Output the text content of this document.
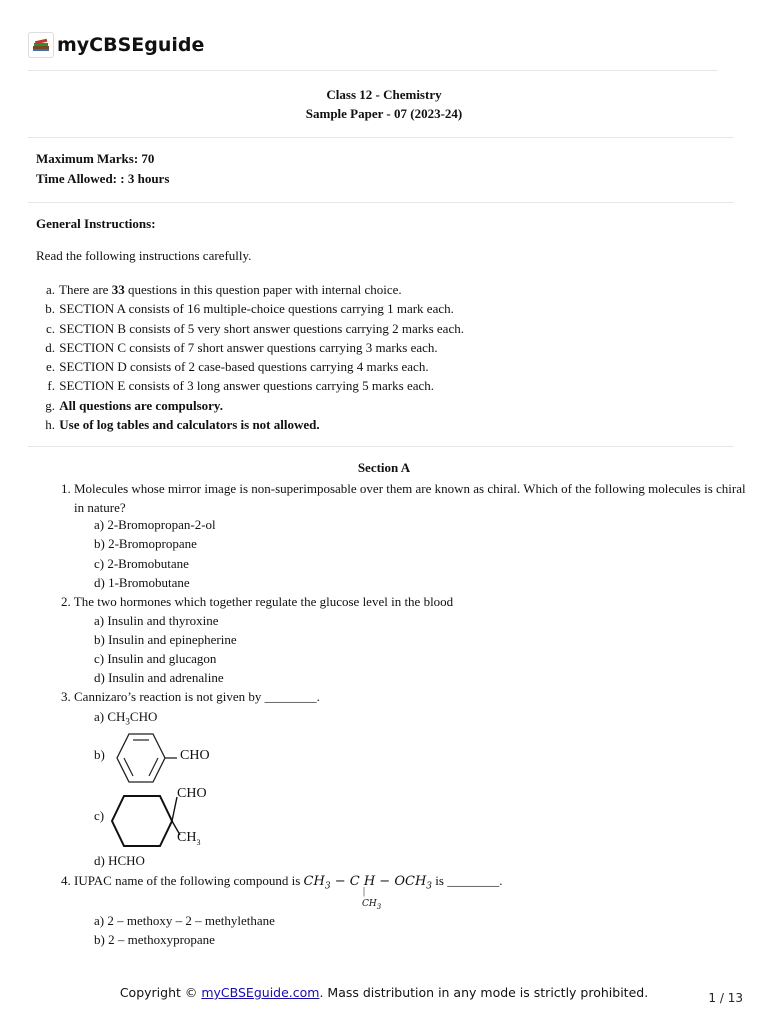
myCBSEguide
Class 12 - Chemistry
Sample Paper - 07 (2023-24)
Maximum Marks: 70
Time Allowed: : 3 hours
General Instructions:
Read the following instructions carefully.
a. There are 33 questions in this question paper with internal choice.
b. SECTION A consists of 16 multiple-choice questions carrying 1 mark each.
c. SECTION B consists of 5 very short answer questions carrying 2 marks each.
d. SECTION C consists of 7 short answer questions carrying 3 marks each.
e. SECTION D consists of 2 case-based questions carrying 4 marks each.
f. SECTION E consists of 3 long answer questions carrying 5 marks each.
g. All questions are compulsory.
h. Use of log tables and calculators is not allowed.
Section A
1. Molecules whose mirror image is non-superimposable over them are known as chiral. Which of the following molecules is chiral in nature?
a) 2-Bromopropan-2-ol
b) 2-Bromopropane
c) 2-Bromobutane
d) 1-Bromobutane
2. The two hormones which together regulate the glucose level in the blood
a) Insulin and thyroxine
b) Insulin and epinepherine
c) Insulin and glucagon
d) Insulin and adrenaline
3. Cannizaro’s reaction is not given by ________.
a) $CH_3CHO$
b)	CHO
c)
CHO
$CH_3$
d) HCHO
4. IUPAC name of the following compound is $CH_3 - C$ $H - OCH_3$ is ________.
|
$CH_3$
a) 2 – methoxy – 2 – methylethane
b) 2 – methoxypropane
Copyright © myCBSEguide.com. Mass distribution in any mode is strictly prohibited.	1 / 13
